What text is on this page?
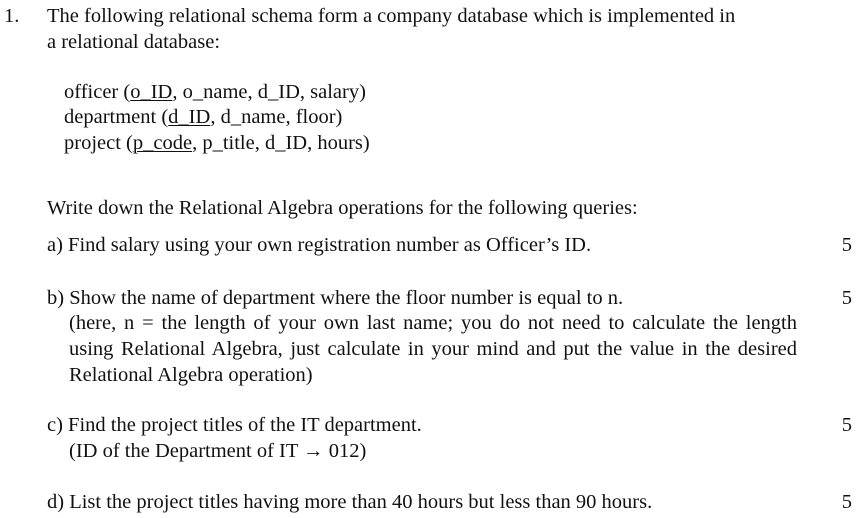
1. The following relational schema form a company database which is implemented in
a relational database:
officer (o_ID, o_name, d_ID, salary)
department (d_ID, d_name, floor)
project (p_code, p_title, d_ID, hours)
Write down the Relational Algebra operations for the following queries:
a) Find salary using your own registration number as Officer’s ID.	5
b) Show the name of department where the floor number is equal to n.	5
(here, n = the length of your own last name; you do not need to calculate the length using Relational Algebra, just calculate in your mind and put the value in the desired Relational Algebra operation)
c) Find the project titles of the IT department.	5
(ID of the Department of IT → 012)
d) List the project titles having more than 40 hours but less than 90 hours.	5
